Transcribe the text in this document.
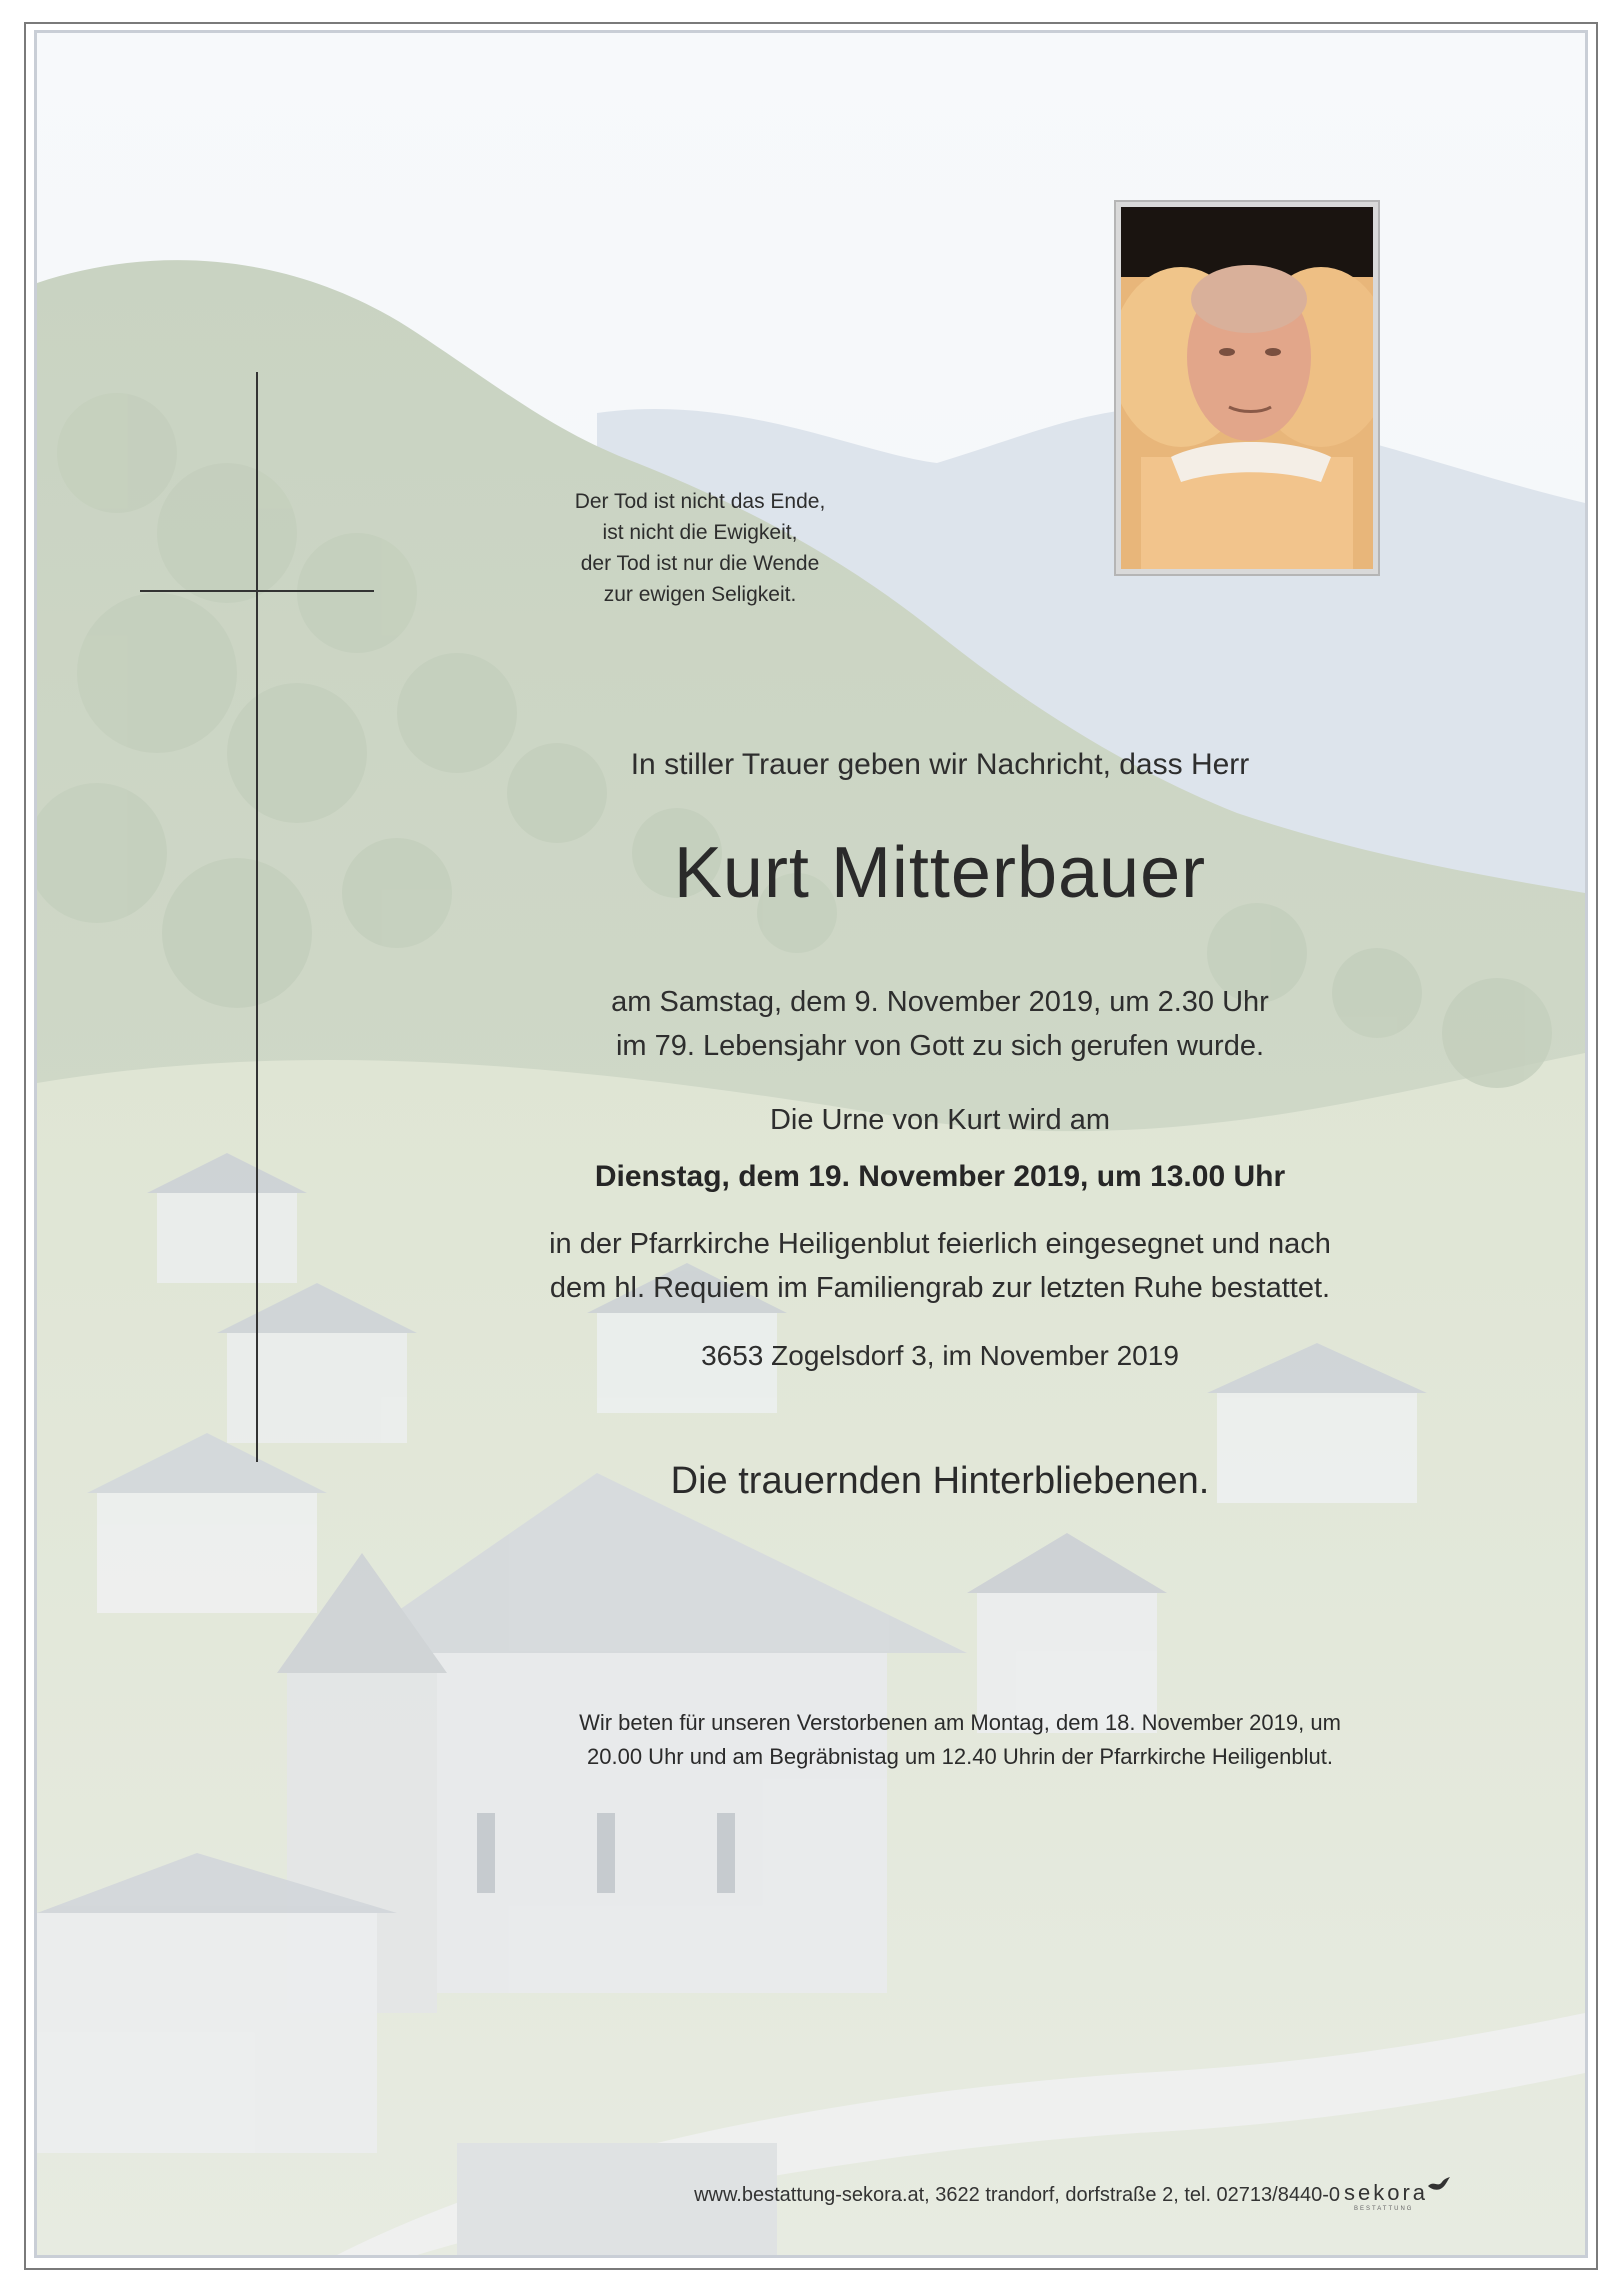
Der Tod ist nicht das Ende,
ist nicht die Ewigkeit,
der Tod ist nur die Wende
zur ewigen Seligkeit.
In stiller Trauer geben wir Nachricht, dass Herr
Kurt Mitterbauer
am Samstag, dem 9. November 2019, um 2.30 Uhr
im 79. Lebensjahr von Gott zu sich gerufen wurde.
Die Urne von Kurt wird am
Dienstag, dem 19. November 2019, um 13.00 Uhr
in der Pfarrkirche Heiligenblut feierlich eingesegnet und nach
dem hl. Requiem im Familiengrab zur letzten Ruhe bestattet.
3653 Zogelsdorf 3, im November 2019
Die trauernden Hinterbliebenen.
Wir beten für unseren Verstorbenen am Montag, dem 18. November 2019, um
20.00 Uhr und am Begräbnistag um 12.40 Uhrin der Pfarrkirche Heiligenblut.
www.bestattung-sekora.at, 3622 trandorf, dorfstraße 2, tel. 02713/8440-0 sekora
BESTATTUNG
